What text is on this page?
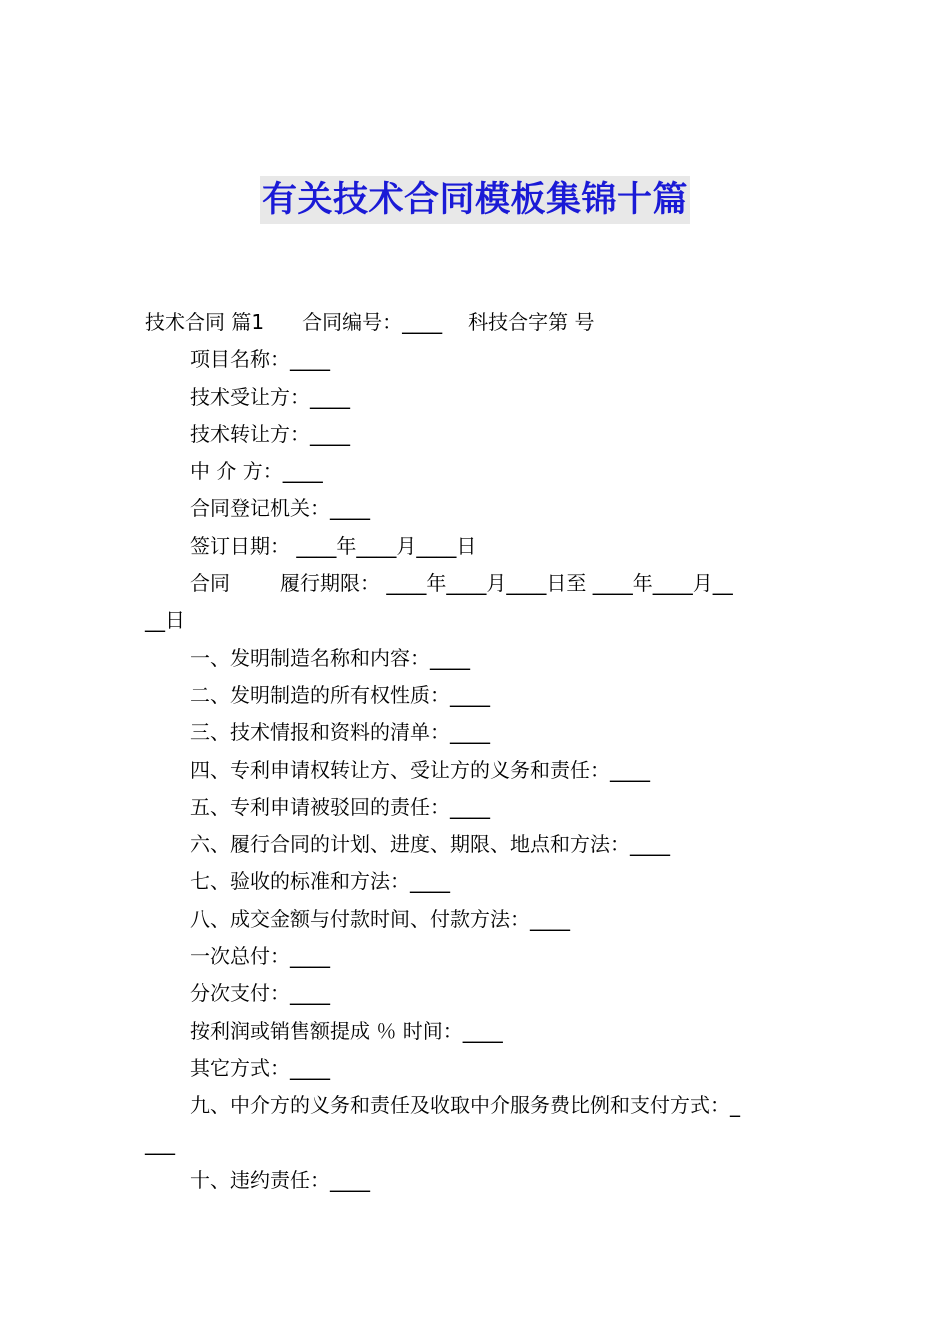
有关技术合同模板集锦十篇
技术合同 篇1 合同编号：____ 科技合字第 号
项目名称：____
技术受让方：____
技术转让方：____
中 介 方：____
合同登记机关：____
签订日期： ____年____月____日
合同	履行期限： ____年____月____日至 ____年____月__
__日
一、发明制造名称和内容：____
二、发明制造的所有权性质：____
三、技术情报和资料的清单：____
四、专利申请权转让方、受让方的义务和责任：____
五、专利申请被驳回的责任：____
六、履行合同的计划、进度、期限、地点和方法：____
七、验收的标准和方法：____
八、成交金额与付款时间、付款方法：____
一次总付：____
分次支付：____
按利润或销售额提成 ％ 时间：____
其它方式：____
九、中介方的义务和责任及收取中介服务费比例和支付方式：_
___
十、违约责任：____
